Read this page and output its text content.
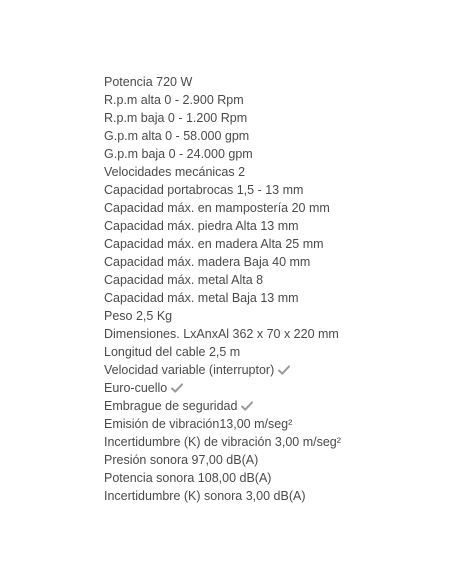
Potencia 720 W
R.p.m alta 0 - 2.900 Rpm
R.p.m baja 0 - 1.200 Rpm
G.p.m alta 0 - 58.000 gpm
G.p.m baja 0 - 24.000 gpm
Velocidades mecánicas 2
Capacidad portabrocas 1,5 - 13 mm
Capacidad máx. en mampostería 20 mm
Capacidad máx. piedra Alta 13 mm
Capacidad máx. en madera Alta 25 mm
Capacidad máx. madera Baja 40 mm
Capacidad máx. metal Alta 8
Capacidad máx. metal Baja 13 mm
Peso 2,5 Kg
Dimensiones. LxAnxAl 362 x 70 x 220 mm
Longitud del cable 2,5 m
Velocidad variable (interruptor)
Euro-cuello
Embrague de seguridad
Emisión de vibración13,00 m/seg²
Incertidumbre (K) de vibración 3,00 m/seg²
Presión sonora 97,00 dB(A)
Potencia sonora 108,00 dB(A)
Incertidumbre (K) sonora 3,00 dB(A)
